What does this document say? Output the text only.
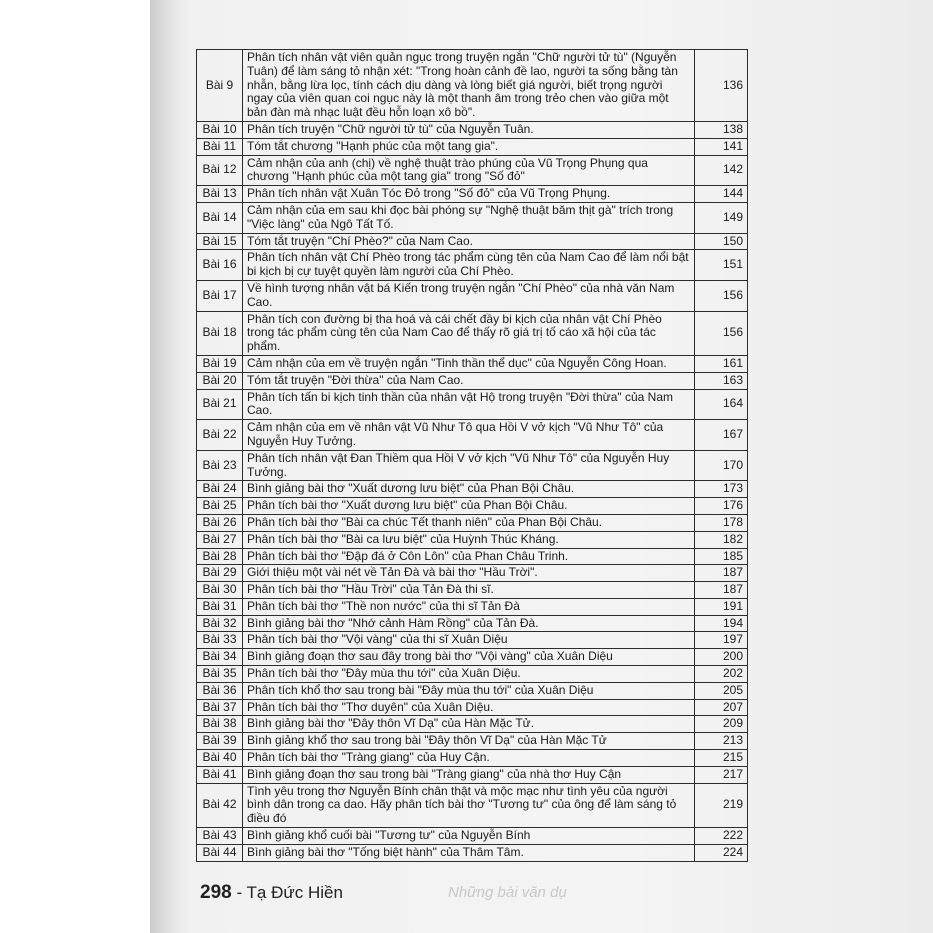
Bài 9	Phân tích nhân vật viên quản ngục trong truyện ngắn "Chữ người tử tù" (Nguyễn Tuân) để làm sáng tỏ nhận xét: "Trong hoàn cảnh đề lao, người ta sống bằng tàn nhẫn, bằng lừa lọc, tính cách dịu dàng và lòng biết giá người, biết trọng người ngay của viên quan coi ngục này là một thanh âm trong trẻo chen vào giữa một bản đàn mà nhạc luật đều hỗn loạn xô bồ".	136
Bài 10	Phân tích truyện "Chữ người tử tù" của Nguyễn Tuân.	138
Bài 11	Tóm tắt chương "Hạnh phúc của một tang gia".	141
Bài 12	Cảm nhận của anh (chị) về nghệ thuật trào phúng của Vũ Trọng Phụng qua chương "Hạnh phúc của một tang gia" trong "Số đỏ"	142
Bài 13	Phân tích nhân vật Xuân Tóc Đỏ trong "Số đỏ" của Vũ Trọng Phụng.	144
Bài 14	Cảm nhận của em sau khi đọc bài phóng sự "Nghệ thuật băm thịt gà" trích trong "Việc làng" của Ngô Tất Tố.	149
Bài 15	Tóm tắt truyện "Chí Phèo?" của Nam Cao.	150
Bài 16	Phân tích nhân vật Chí Phèo trong tác phẩm cùng tên của Nam Cao để làm nổi bật bi kịch bị cự tuyệt quyền làm người của Chí Phèo.	151
Bài 17	Về hình tượng nhân vật bá Kiến trong truyện ngắn "Chí Phèo" của nhà văn Nam Cao.	156
Bài 18	Phân tích con đường bị tha hoá và cái chết đầy bi kịch của nhân vật Chí Phèo trong tác phẩm cùng tên của Nam Cao để thấy rõ giá trị tố cáo xã hội của tác phẩm.	156
Bài 19	Cảm nhận của em về truyện ngắn "Tinh thần thể dục" của Nguyễn Công Hoan.	161
Bài 20	Tóm tắt truyện "Đời thừa" của Nam Cao.	163
Bài 21	Phân tích tấn bi kịch tinh thần của nhân vật Hộ trong truyện "Đời thừa" của Nam Cao.	164
Bài 22	Cảm nhận của em về nhân vật Vũ Như Tô qua Hồi V vở kịch "Vũ Như Tô" của Nguyễn Huy Tưởng.	167
Bài 23	Phân tích nhân vật Đan Thiềm qua Hồi V vở kịch "Vũ Như Tô" của Nguyễn Huy Tưởng.	170
Bài 24	Bình giảng bài thơ "Xuất dương lưu biệt" của Phan Bội Châu.	173
Bài 25	Phân tích bài thơ "Xuất dương lưu biệt" của Phan Bội Châu.	176
Bài 26	Phân tích bài thơ "Bài ca chúc Tết thanh niên" của Phan Bội Châu.	178
Bài 27	Phân tích bài thơ "Bài ca lưu biệt" của Huỳnh Thúc Kháng.	182
Bài 28	Phân tích bài thơ "Đập đá ở Côn Lôn" của Phan Châu Trinh.	185
Bài 29	Giới thiệu một vài nét về Tản Đà và bài thơ "Hầu Trời".	187
Bài 30	Phân tích bài thơ "Hầu Trời" của Tản Đà thi sĩ.	187
Bài 31	Phân tích bài thơ "Thề non nước" của thi sĩ Tản Đà	191
Bài 32	Bình giảng bài thơ "Nhớ cảnh Hàm Rồng" của Tản Đà.	194
Bài 33	Phân tích bài thơ "Vội vàng" của thi sĩ Xuân Diệu	197
Bài 34	Bình giảng đoạn thơ sau đây trong bài thơ "Vội vàng" của Xuân Diệu	200
Bài 35	Phân tích bài thơ "Đây mùa thu tới" của Xuân Diệu.	202
Bài 36	Phân tích khổ thơ sau trong bài "Đây mùa thu tới" của Xuân Diệu	205
Bài 37	Phân tích bài thơ "Thơ duyên" của Xuân Diệu.	207
Bài 38	Bình giảng bài thơ "Đây thôn Vĩ Dạ" của Hàn Mặc Tử.	209
Bài 39	Bình giảng khổ thơ sau trong bài "Đây thôn Vĩ Dạ" của Hàn Mặc Tử	213
Bài 40	Phân tích bài thơ "Tràng giang" của Huy Cận.	215
Bài 41	Bình giảng đoạn thơ sau trong bài "Tràng giang" của nhà thơ Huy Cận	217
Bài 42	Tình yêu trong thơ Nguyễn Bính chân thật và mộc mạc như tình yêu của người bình dân trong ca dao. Hãy phân tích bài thơ "Tương tư" của ông để làm sáng tỏ điều đó	219
Bài 43	Bình giảng khổ cuối bài "Tương tư" của Nguyễn Bính	222
Bài 44	Bình giảng bài thơ "Tống biệt hành" của Thâm Tâm.	224
298 - Tạ Đức Hiền	Những bài văn dụ
